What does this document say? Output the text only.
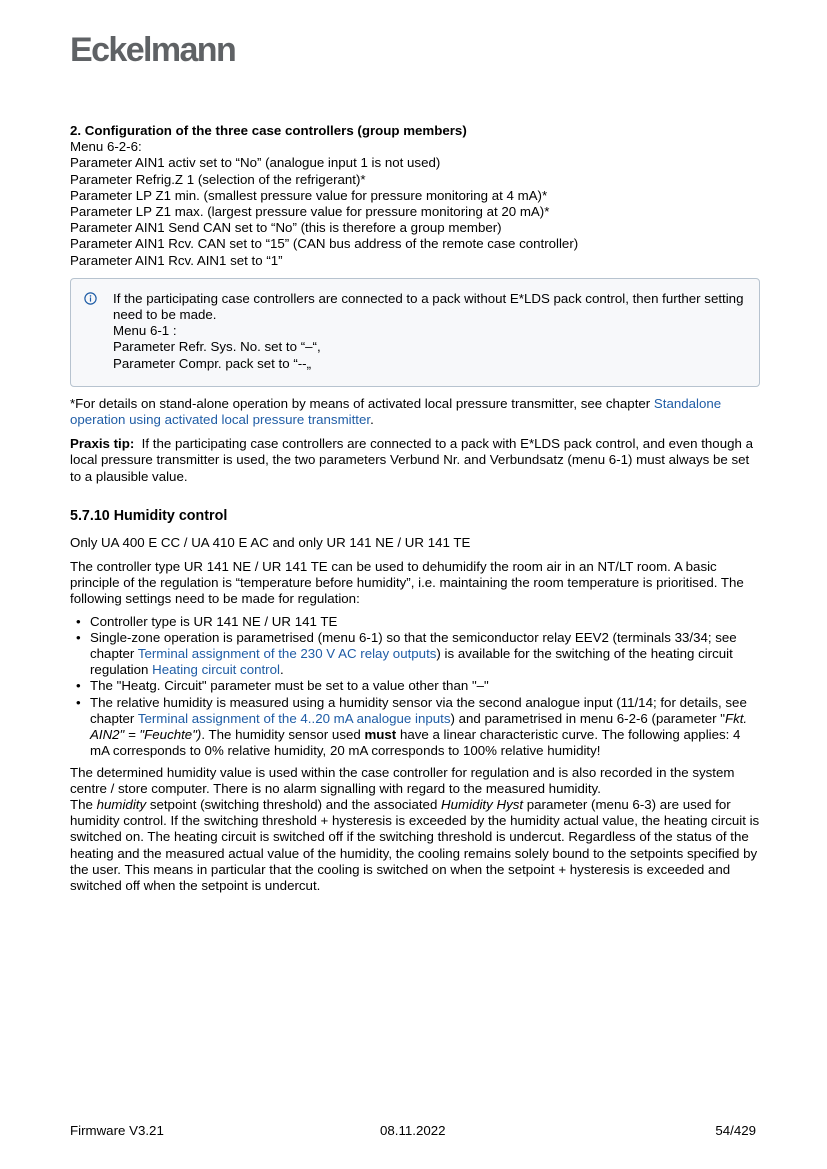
Eckelmann

2. Configuration of the three case controllers (group members)

Menu 6-2-6:

Parameter AIN1 activ set to “No” (analogue input 1 is not used)

Parameter Refrig.Z 1 (selection of the refrigerant)*

Parameter LP Z1 min. (smallest pressure value for pressure monitoring at 4 mA)*

Parameter LP Z1 max. (largest pressure value for pressure monitoring at 20 mA)*

Parameter AIN1 Send CAN set to “No” (this is therefore a group member)

Parameter AIN1 Rcv. CAN set to “15” (CAN bus address of the remote case controller)

Parameter AIN1 Rcv. AIN1 set to “1”

If the participating case controllers are connected to a pack without E*LDS pack control, then further setting need to be made.

Menu 6-1 :

Parameter Refr. Sys. No. set to “–“,

Parameter Compr. pack set to “--„

*For details on stand-alone operation by means of activated local pressure transmitter, see chapter Standalone operation using activated local pressure transmitter.

Praxis tip:  If the participating case controllers are connected to a pack with E*LDS pack control, and even though a local pressure transmitter is used, the two parameters Verbund Nr. and Verbundsatz (menu 6-1) must always be set to a plausible value.

5.7.10 Humidity control

Only UA 400 E CC / UA 410 E AC and only UR 141 NE / UR 141 TE

The controller type UR 141 NE / UR 141 TE can be used to dehumidify the room air in an NT/LT room. A basic principle of the regulation is “temperature before humidity”, i.e. maintaining the room temperature is prioritised. The following settings need to be made for regulation:

• Controller type is UR 141 NE / UR 141 TE
• Single-zone operation is parametrised (menu 6-1) so that the semiconductor relay EEV2 (terminals 33/34; see chapter Terminal assignment of the 230 V AC relay outputs) is available for the switching of the heating circuit regulation Heating circuit control.
• The "Heatg. Circuit" parameter must be set to a value other than "–"
• The relative humidity is measured using a humidity sensor via the second analogue input (11/14; for details, see chapter Terminal assignment of the 4..20 mA analogue inputs) and parametrised in menu 6-2-6 (parameter "Fkt. AIN2" = "Feuchte"). The humidity sensor used must have a linear characteristic curve. The following applies: 4 mA corresponds to 0% relative humidity, 20 mA corresponds to 100% relative humidity!

The determined humidity value is used within the case controller for regulation and is also recorded in the system centre / store computer. There is no alarm signalling with regard to the measured humidity.

The humidity setpoint (switching threshold) and the associated Humidity Hyst parameter (menu 6-3) are used for humidity control. If the switching threshold + hysteresis is exceeded by the humidity actual value, the heating circuit is switched on. The heating circuit is switched off if the switching threshold is undercut. Regardless of the status of the heating and the measured actual value of the humidity, the cooling remains solely bound to the setpoints specified by the user. This means in particular that the cooling is switched on when the setpoint + hysteresis is exceeded and switched off when the setpoint is undercut.

Firmware V3.21	08.11.2022	54/429
